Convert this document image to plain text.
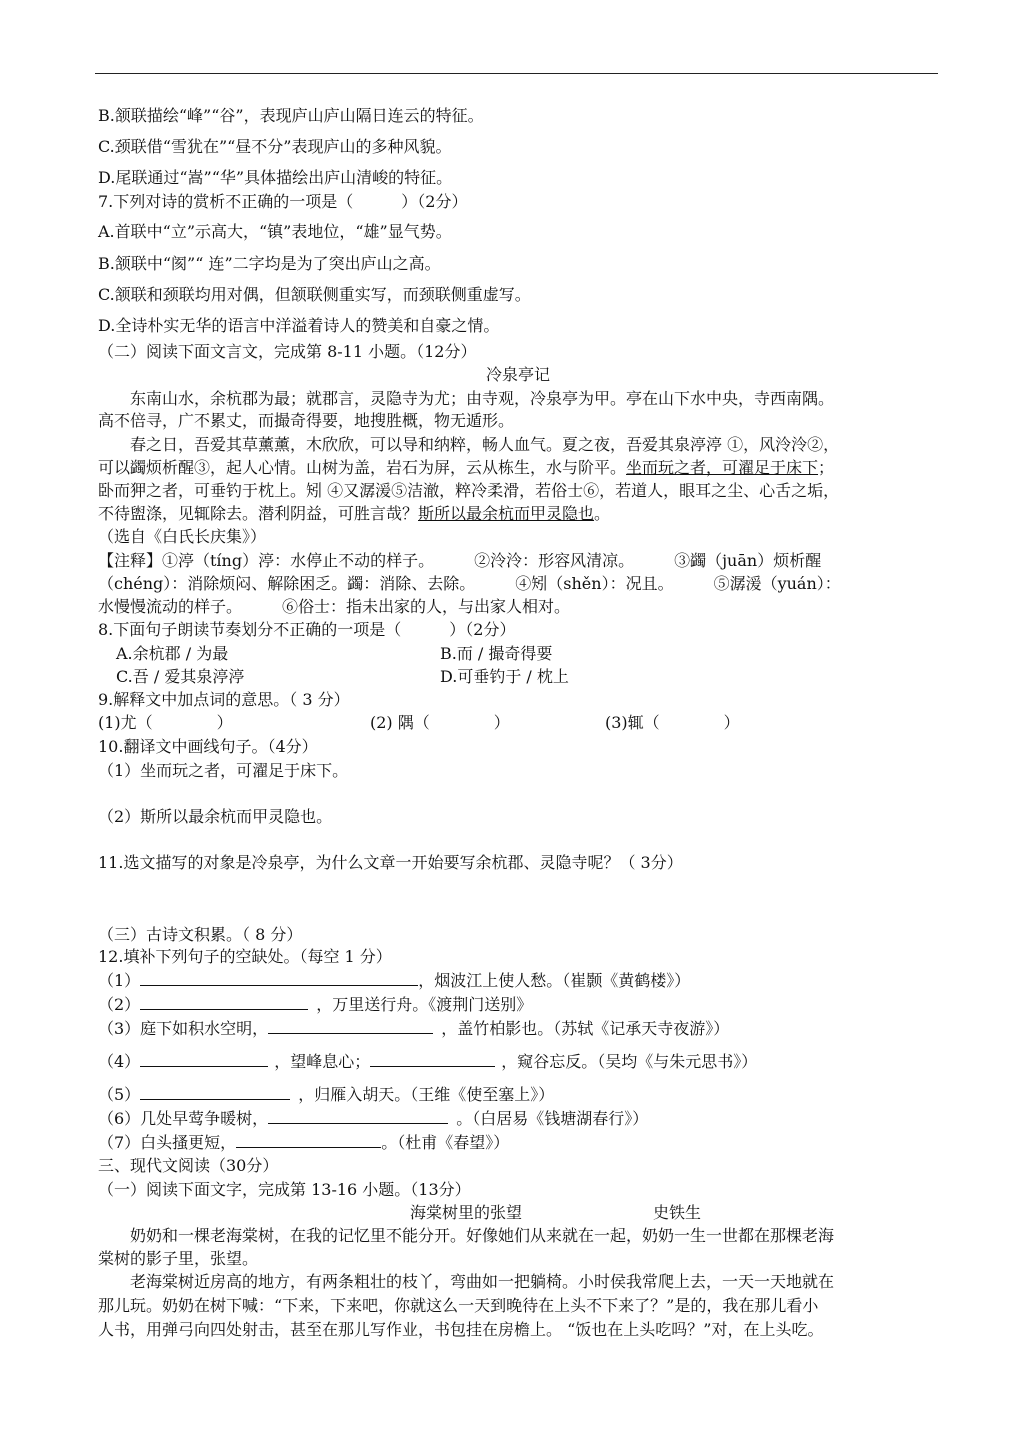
B.颔联描绘“峰”“谷”，表现庐山庐山隔日连云的特征。
C.颈联借“雪犹在”“昼不分”表现庐山的多种风貌。
D.尾联通过“嵩”“华”具体描绘出庐山清峻的特征。
7.下列对诗的赏析不正确的一项是（　　　）（2分）
A.首联中“立”示高大，“镇”表地位，“雄”显气势。
B.颔联中“阂”“ 连”二字均是为了突出庐山之高。
C.颔联和颈联均用对偶，但颔联侧重实写，而颈联侧重虚写。
D.全诗朴实无华的语言中洋溢着诗人的赞美和自豪之情。
（二）阅读下面文言文，完成第 8-11 小题。（12分）
冷泉亭记
东南山水，余杭郡为最；就郡言，灵隐寺为尤；由寺观，冷泉亭为甲。亭在山下水中央，寺西南隅。
高不倍寻，广不累丈，而撮奇得要，地搜胜概，物无遁形。
春之日，吾爱其草薰薰，木欣欣，可以导和纳粹，畅人血气。夏之夜，吾爱其泉渟渟 ①，风泠泠②，
可以蠲烦析醒③，起人心情。山树为盖，岩石为屏，云从栋生，水与阶平。坐而玩之者，可濯足于床下；
卧而狎之者，可垂钓于枕上。矧 ④又潺湲⑤洁澈，粹冷柔滑，若俗士⑥，若道人，眼耳之尘、心舌之垢，
不待盥涤，见辄除去。潜利阴益，可胜言哉？斯所以最余杭而甲灵隐也。
（选自《白氏长庆集》）
【注释】①渟（tíng）渟：水停止不动的样子。　　　②泠泠：形容风清凉。　　　③蠲（juān）烦析醒
（chéng）：消除烦闷、解除困乏。蠲：消除、去除。　　　④矧（shěn）：况且。　　　⑤潺湲（yuán）：
水慢慢流动的样子。　　　⑥俗士：指未出家的人，与出家人相对。
8.下面句子朗读节奏划分不正确的一项是（　　　）（2分）
A.余杭郡 / 为最	B.而 / 撮奇得要
C.吾 / 爱其泉渟渟	D.可垂钓于 / 枕上
9.解释文中加点词的意思。（ 3 分）
(1)尤（　　　　）	(2) 隅（　　　　）	(3)辄（　　　　）
10.翻译文中画线句子。（4分）
（1）坐而玩之者，可濯足于床下。
（2）斯所以最余杭而甲灵隐也。
11.选文描写的对象是冷泉亭，为什么文章一开始要写余杭郡、灵隐寺呢？（ 3分）
（三）古诗文积累。（ 8 分）
12.填补下列句子的空缺处。（每空 1 分）
（1）	，烟波江上使人愁。（崔颢《黄鹤楼》）
（2）	，万里送行舟。《渡荆门送别》
（3）庭下如积水空明，	，盖竹柏影也。（苏轼《记承天寺夜游》）
（4）	，望峰息心；	，窥谷忘反。（吴均《与朱元思书》）
（5）	，归雁入胡天。（王维《使至塞上》）
（6）几处早莺争暖树，	。（白居易《钱塘湖春行》）
（7）白头搔更短，	。（杜甫《春望》）
三、现代文阅读（30分）
（一）阅读下面文字，完成第 13-16 小题。（13分）
海棠树里的张望	史铁生
奶奶和一棵老海棠树，在我的记忆里不能分开。好像她们从来就在一起，奶奶一生一世都在那棵老海
棠树的影子里，张望。
老海棠树近房高的地方，有两条粗壮的枝丫，弯曲如一把躺椅。小时侯我常爬上去，一天一天地就在
那儿玩。奶奶在树下喊：“下来，下来吧，你就这么一天到晚待在上头不下来了？”是的，我在那儿看小
人书，用弹弓向四处射击，甚至在那儿写作业，书包挂在房檐上。 “饭也在上头吃吗？”对，在上头吃。
